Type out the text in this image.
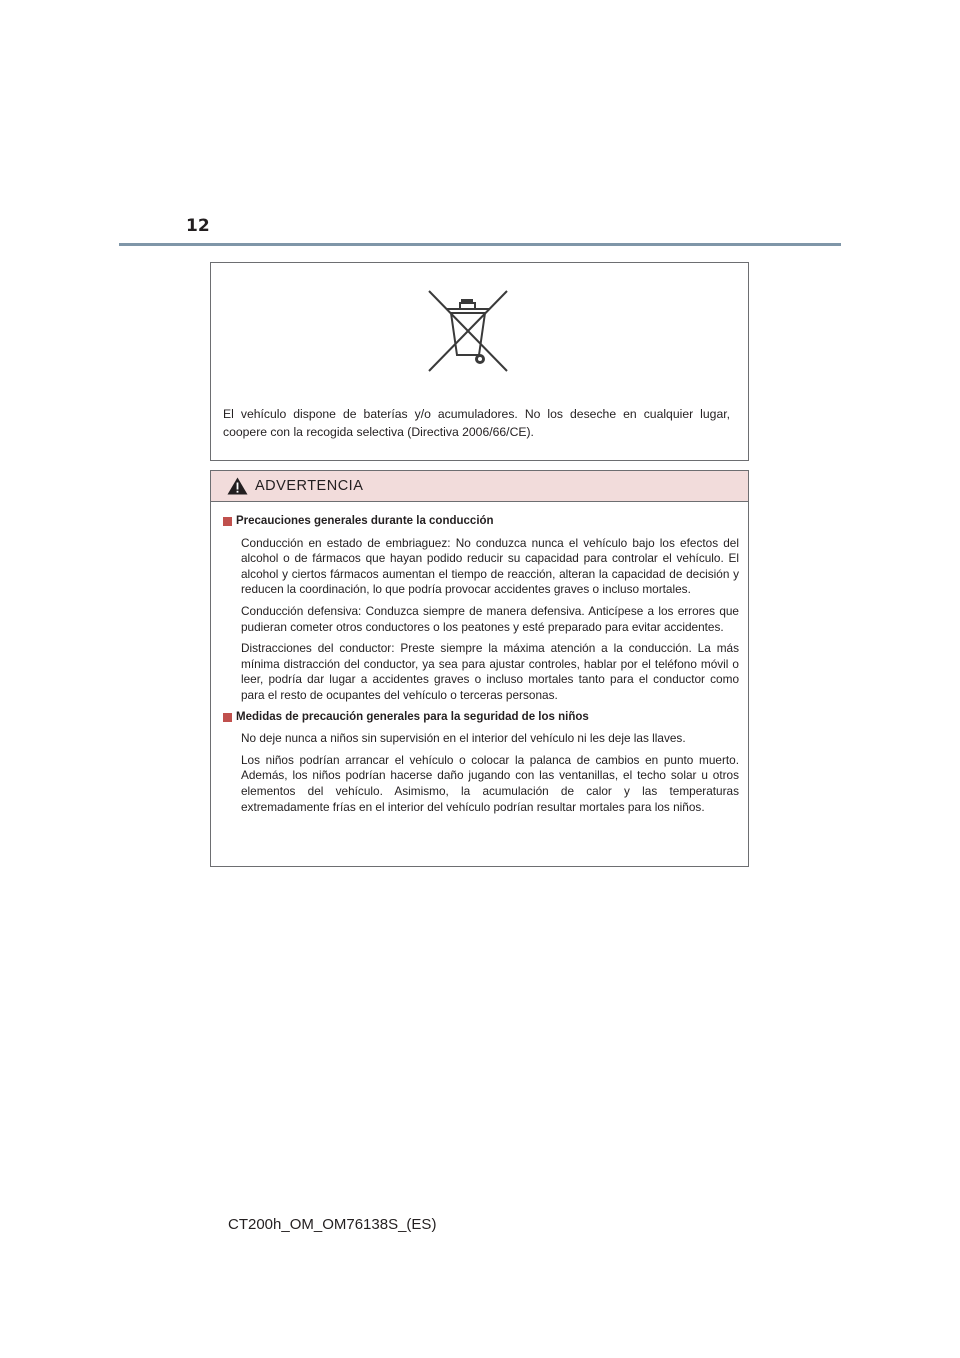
12
El vehículo dispone de baterías y/o acumuladores. No los deseche en cualquier lugar, coopere con la recogida selectiva (Directiva 2006/66/CE).
ADVERTENCIA
Precauciones generales durante la conducción

Conducción en estado de embriaguez: No conduzca nunca el vehículo bajo los efectos del alcohol o de fármacos que hayan podido reducir su capacidad para controlar el vehículo. El alcohol y ciertos fármacos aumentan el tiempo de reacción, alteran la capacidad de decisión y reducen la coordinación, lo que podría provocar accidentes graves o incluso mortales.

Conducción defensiva: Conduzca siempre de manera defensiva. Anticípese a los errores que pudieran cometer otros conductores o los peatones y esté preparado para evitar accidentes.

Distracciones del conductor: Preste siempre la máxima atención a la conducción. La más mínima distracción del conductor, ya sea para ajustar controles, hablar por el teléfono móvil o leer, podría dar lugar a accidentes graves o incluso mortales tanto para el conductor como para el resto de ocupantes del vehículo o terceras personas.

Medidas de precaución generales para la seguridad de los niños

No deje nunca a niños sin supervisión en el interior del vehículo ni les deje las llaves.

Los niños podrían arrancar el vehículo o colocar la palanca de cambios en punto muerto. Además, los niños podrían hacerse daño jugando con las ventanillas, el techo solar u otros elementos del vehículo. Asimismo, la acumulación de calor y las temperaturas extremadamente frías en el interior del vehículo podrían resultar mortales para los niños.

CT200h_OM_OM76138S_(ES)
